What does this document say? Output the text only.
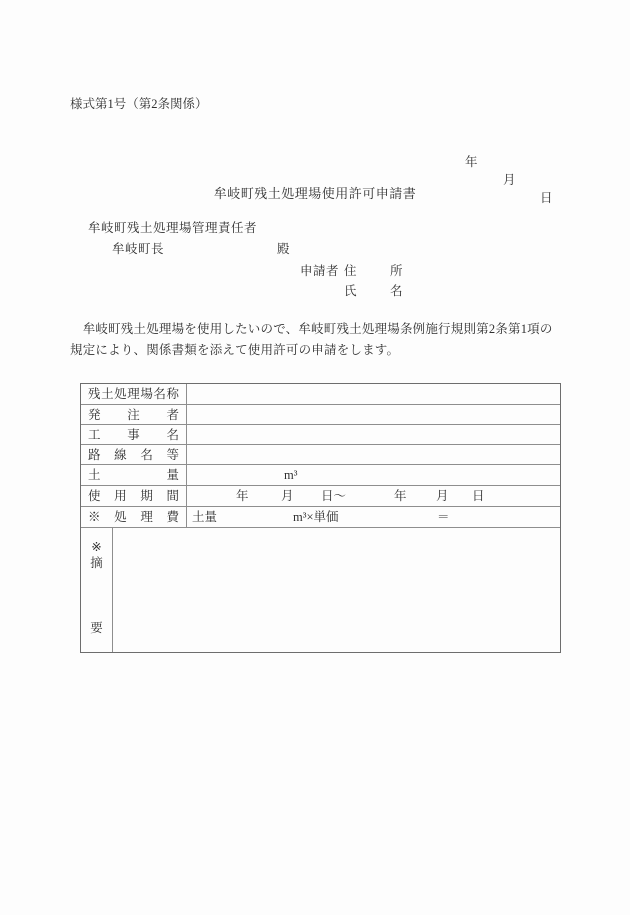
様式第1号（第2条関係）

年

月

日

牟岐町残土処理場使用許可申請書
牟岐町残土処理場管理責任者
牟岐町長	殿
申請者 住	所
氏	名
　牟岐町残土処理場を使用したいので、牟岐町残土処理場条例施行規則第2条第1項の
規定により、関係書類を添えて使用許可の申請をします。
残土処理場名称
発注者
工事名
路線名等
土量	m³
使用期間	年	月 日～	年 月 日
※処理費	土量	m³×単価	＝
※
摘
要
